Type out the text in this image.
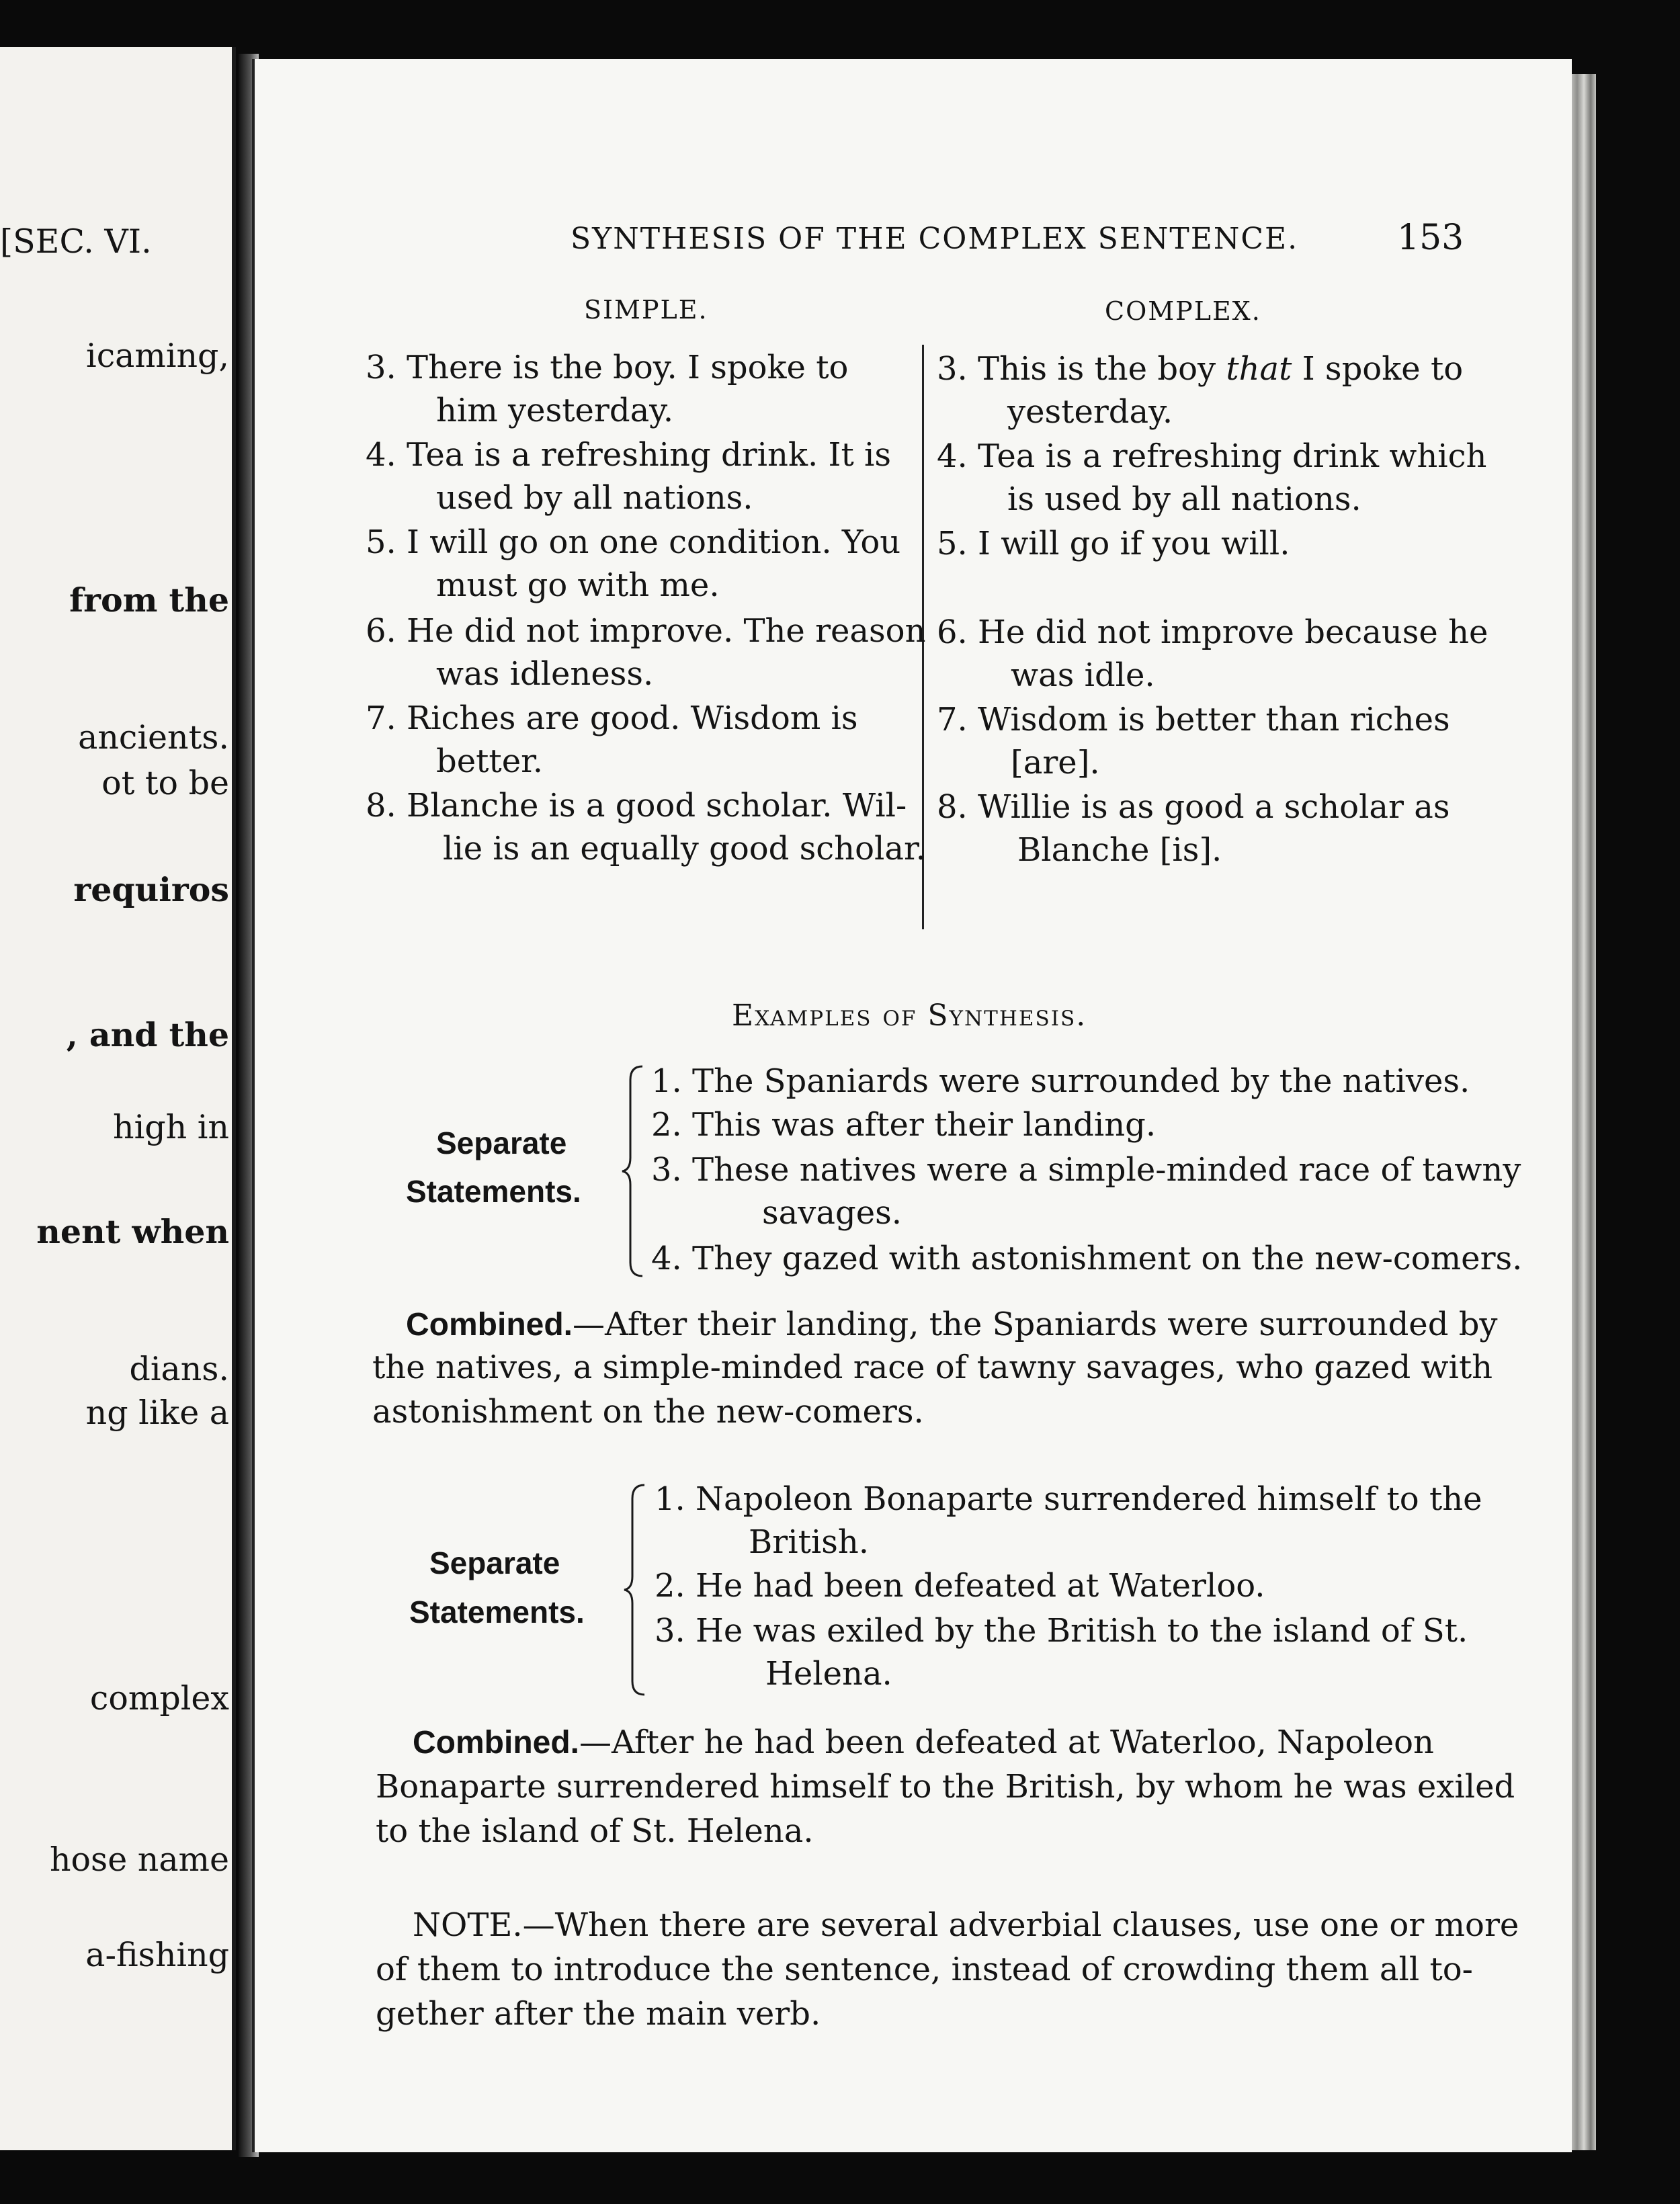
[SEC. VI.
icaming,
from the
ancients.
ot to be
requiros
, and the
high in
nent when
dians.
ng like a
complex
hose name
a-fishing
SYNTHESIS OF THE COMPLEX SENTENCE.	153
SIMPLE.	COMPLEX.
3. There is the boy. I spoke to
him yesterday.
4. Tea is a refreshing drink. It is
used by all nations.
5. I will go on one condition. You
must go with me.
6. He did not improve. The reason
was idleness.
7. Riches are good. Wisdom is
better.
8. Blanche is a good scholar. Wil-
lie is an equally good scholar.
3. This is the boy that I spoke to
yesterday.
4. Tea is a refreshing drink which
is used by all nations.
5. I will go if you will.
6. He did not improve because he
was idle.
7. Wisdom is better than riches
[are].
8. Willie is as good a scholar as
Blanche [is].
Examples of Synthesis.
Separate
Statements.
1. The Spaniards were surrounded by the natives.
2. This was after their landing.
3. These natives were a simple-minded race of tawny
savages.
4. They gazed with astonishment on the new-comers.
Combined.—After their landing, the Spaniards were surrounded by
the natives, a simple-minded race of tawny savages, who gazed with
astonishment on the new-comers.
Separate
Statements.
1. Napoleon Bonaparte surrendered himself to the
British.
2. He had been defeated at Waterloo.
3. He was exiled by the British to the island of St.
Helena.
Combined.—After he had been defeated at Waterloo, Napoleon
Bonaparte surrendered himself to the British, by whom he was exiled
to the island of St. Helena.
NOTE.—When there are several adverbial clauses, use one or more
of them to introduce the sentence, instead of crowding them all to-
gether after the main verb.
